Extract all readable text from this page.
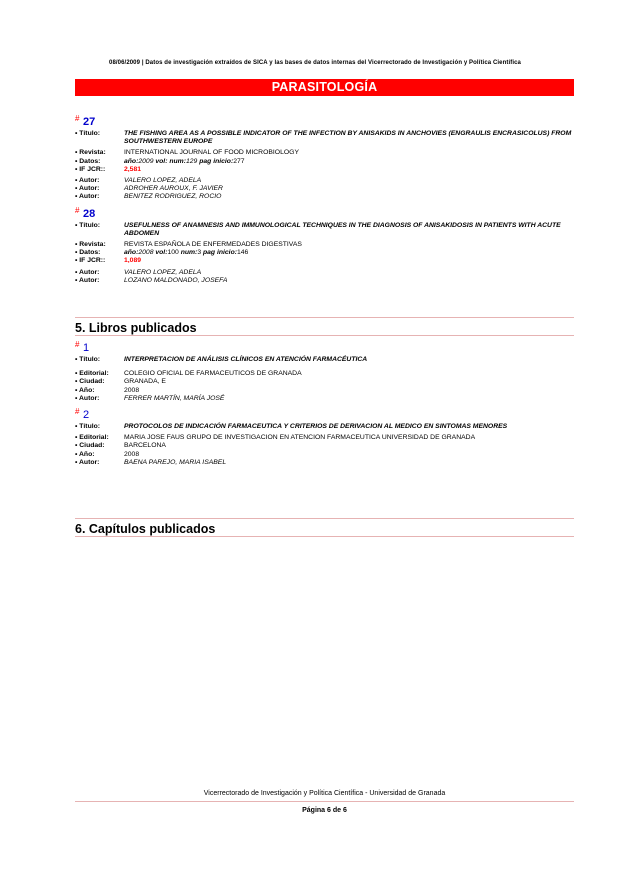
08/06/2009 | Datos de investigación extraídos de SICA y las bases de datos internas del Vicerrectorado de Investigación y Política Científica
PARASITOLOGÍA
# 27
• Título:	THE FISHING AREA AS A POSSIBLE INDICATOR OF THE INFECTION BY ANISAKIDS IN ANCHOVIES (ENGRAULIS ENCRASICOLUS) FROM SOUTHWESTERN EUROPE
• Revista:	INTERNATIONAL JOURNAL OF FOOD MICROBIOLOGY
• Datos:	año:2009 vol: num:129 pag inicio:277
• IF JCR::	2,581
• Autor:	VALERO LOPEZ, ADELA
• Autor:	ADROHER AUROUX, F. JAVIER
• Autor:	BENITEZ RODRIGUEZ, ROCIO
# 28
• Título:	USEFULNESS OF ANAMNESIS AND IMMUNOLOGICAL TECHNIQUES IN THE DIAGNOSIS OF ANISAKIDOSIS IN PATIENTS WITH ACUTE ABDOMEN
• Revista:	REVISTA ESPAÑOLA DE ENFERMEDADES DIGESTIVAS
• Datos:	año:2008 vol:100 num:3 pag inicio:146
• IF JCR::	1,089
• Autor:	VALERO LOPEZ, ADELA
• Autor:	LOZANO MALDONADO, JOSEFA
5. Libros publicados
# 1
• Título:	INTERPRETACION DE ANÁLISIS CLÍNICOS EN ATENCIÓN FARMACÉUTICA
• Editorial: COLEGIO OFICIAL DE FARMACEUTICOS DE GRANADA
• Ciudad:	GRANADA, E
• Año:	2008
• Autor:	FERRER MARTÍN, MARÍA JOSÉ
# 2
• Título:	PROTOCOLOS DE INDICACIÓN FARMACEUTICA Y CRITERIOS DE DERIVACION AL MEDICO EN SINTOMAS MENORES
• Editorial: MARIA JOSE FAUS GRUPO DE INVESTIGACION EN ATENCION FARMACEUTICA UNIVERSIDAD DE GRANADA
• Ciudad:	BARCELONA
• Año:	2008
• Autor:	BAENA PAREJO, MARIA ISABEL
6. Capítulos publicados
Vicerrectorado de Investigación y Política Científica - Universidad de Granada
Página 6 de 6
